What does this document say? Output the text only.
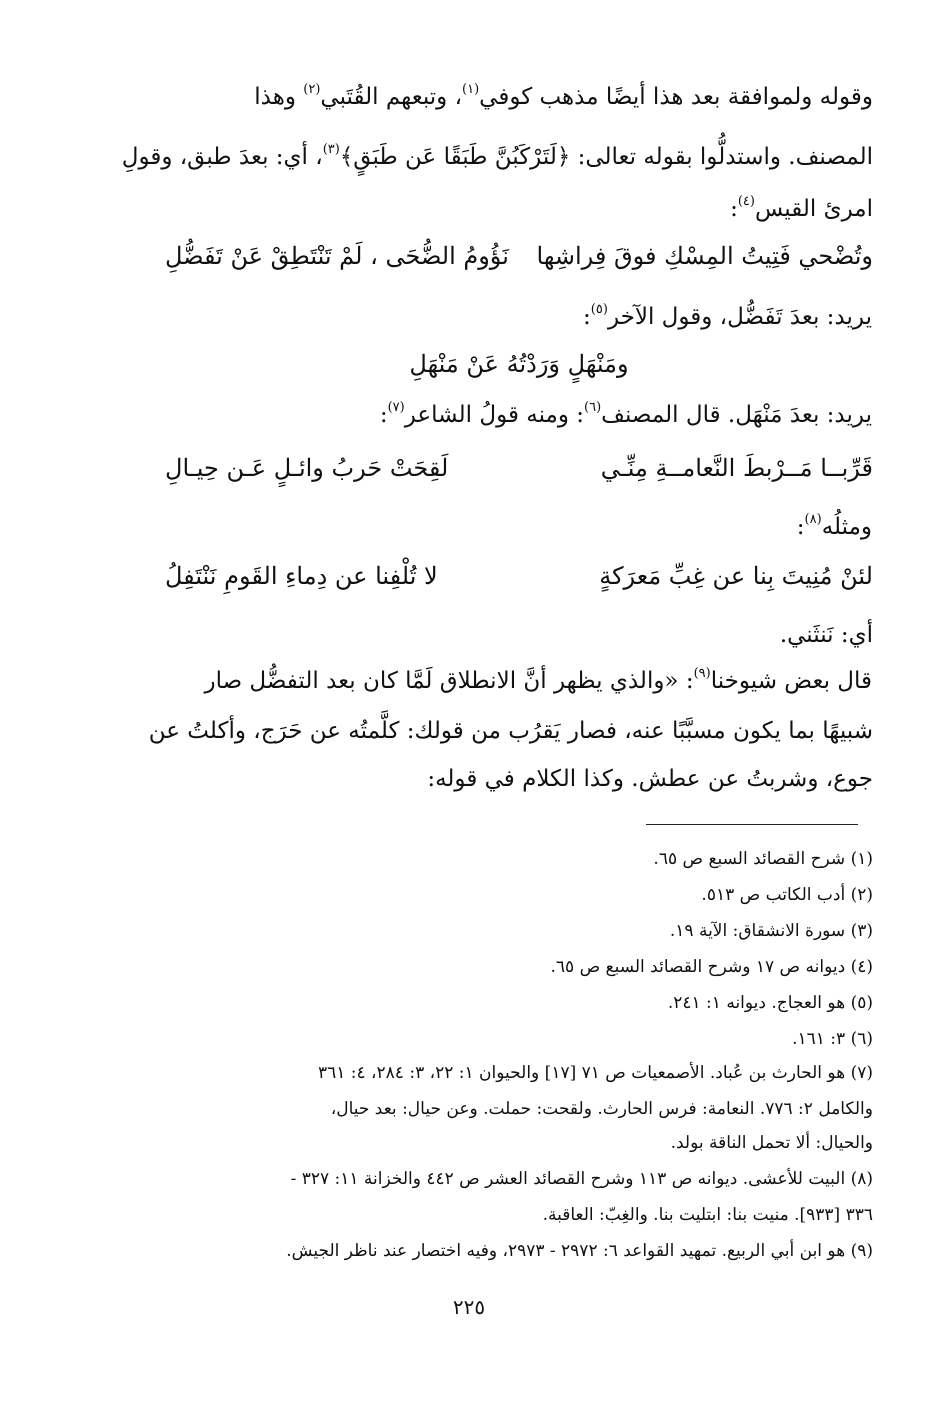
وقوله ولموافقة بعد هذا أيضًا مذهب كوفي$^{(١)}$، وتبعهم القُتَبي$^{(٢)}$ وهذا
المصنف. واستدلُّوا بقوله تعالى: ﴿لَتَرْكَبُنَّ طَبَقًا عَن طَبَقٍ﴾$^{(٣)}$، أي: بعدَ طبق، وقولِ
امرئ القيس$^{(٤)}$:
وتُضْحي فَتِيتُ المِسْكِ فوقَ فِراشِها
نَؤُومُ الضُّحَى ، لَمْ تَنْتَطِقْ عَنْ تَفَضُّلِ
يريد: بعدَ تَفَضُّل، وقول الآخر$^{(٥)}$:
ومَنْهَلٍ وَرَدْتُهُ عَنْ مَنْهَلِ
يريد: بعدَ مَنْهَل. قال المصنف$^{(٦)}$: ومنه قولُ الشاعر$^{(٧)}$:
قَرِّبــا مَــرْبطَ النَّعامــةِ مِنِّـي
لَقِحَتْ حَربُ وائـلٍ عَـن حِيـالِ
ومثلُه$^{(٨)}$:
لئنْ مُنِيتَ بِنا عن غِبِّ مَعرَكةٍ
لا تُلْفِنا عن دِماءِ القَومِ نَنْتَفِلُ
أي: نَنثَني.
قال بعض شيوخنا$^{(٩)}$: «والذي يظهر أنَّ الانطلاق لَمَّا كان بعد التفضُّل صار
شبيهًا بما يكون مسبَّبًا عنه، فصار يَقرُب من قولك: كلَّمتُه عن حَرَج، وأكلتُ عن
جوع، وشربتُ عن عطش. وكذا الكلام في قوله:
(١) شرح القصائد السبع ص ٦٥.
(٢) أدب الكاتب ص ٥١٣.
(٣) سورة الانشقاق: الآية ١٩.
(٤) ديوانه ص ١٧ وشرح القصائد السبع ص ٦٥.
(٥) هو العجاج. ديوانه ١: ٢٤١.
(٦) ٣: ١٦١.
(٧) هو الحارث بن عُباد. الأصمعيات ص ٧١ [١٧] والحيوان ١: ٢٢، ٣: ٢٨٤، ٤: ٣٦١
والكامل ٢: ٧٧٦. النعامة: فرس الحارث. ولقحت: حملت. وعن حيال: بعد حيال،
والحيال: ألا تحمل الناقة بولد.
(٨) البيت للأعشى. ديوانه ص ١١٣ وشرح القصائد العشر ص ٤٤٢ والخزانة ١١: ٣٢٧ -
٣٣٦ [٩٣٣]. منيت بنا: ابتليت بنا. والغِبّ: العاقبة.
(٩) هو ابن أبي الربيع. تمهيد القواعد ٦: ٢٩٧٢ - ٢٩٧٣، وفيه اختصار عند ناظر الجيش.
٢٢٥
